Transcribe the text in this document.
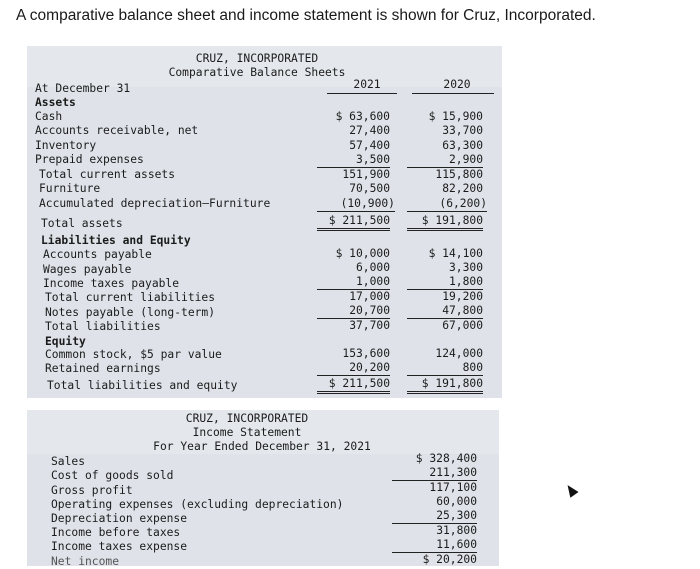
A comparative balance sheet and income statement is shown for Cruz, Incorporated.
CRUZ, INCORPORATED
Comparative Balance Sheets
At December 31	2021	2020
Assets
Cash
Accounts receivable, net
Inventory
Prepaid expenses
Total current assets
Furniture
Accumulated depreciation—Furniture
Total assets
Liabilities and Equity
Accounts payable
Wages payable
Income taxes payable
Total current liabilities
Notes payable (long-term)
Total liabilities
Equity
Common stock, $5 par value
Retained earnings
Total liabilities and equity
$ 63,600
27,400
57,400
3,500
151,900
70,500
(10,900)
$ 211,500
$ 10,000
6,000
1,000
17,000
20,700
37,700
153,600
20,200
$ 211,500
$ 15,900
33,700
63,300
2,900
115,800
82,200
(6,200)
$ 191,800
$ 14,100
3,300
1,800
19,200
47,800
67,000
124,000
800
$ 191,800
CRUZ, INCORPORATED
Income Statement
For Year Ended December 31, 2021
Sales
Cost of goods sold
Gross profit
Operating expenses (excluding depreciation)
Depreciation expense
Income before taxes
Income taxes expense
Net income
$ 328,400
211,300
117,100
60,000
25,300
31,800
11,600
$ 20,200
